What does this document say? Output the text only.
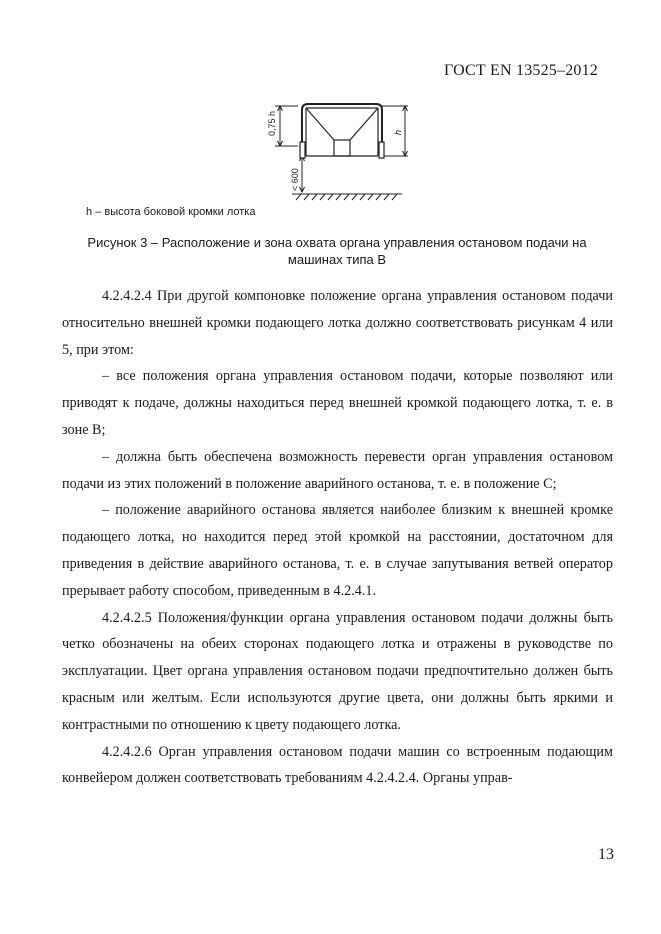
ГОСТ EN 13525–2012
0,75 h
< 600
h
h – высота боковой кромки лотка
Рисунок 3 – Расположение и зона охвата органа управления остановом подачи на машинах типа B

4.2.4.2.4 При другой компоновке положение органа управления остановом подачи относительно внешней кромки подающего лотка должно соответствовать рисункам 4 или 5, при этом:

– все положения органа управления остановом подачи, которые позволяют или приводят к подаче, должны находиться перед внешней кромкой подающего лотка, т. е. в зоне B;

– должна быть обеспечена возможность перевести орган управления остановом подачи из этих положений в положение аварийного останова, т. е. в положение C;

– положение аварийного останова является наиболее близким к внешней кромке подающего лотка, но находится перед этой кромкой на расстоянии, достаточном для приведения в действие аварийного останова, т. е. в случае запутывания ветвей оператор прерывает работу способом, приведенным в 4.2.4.1.

4.2.4.2.5 Положения/функции органа управления остановом подачи должны быть четко обозначены на обеих сторонах подающего лотка и отражены в руководстве по эксплуатации. Цвет органа управления остановом подачи предпочтительно должен быть красным или желтым. Если используются другие цвета, они должны быть яркими и контрастными по отношению к цвету подающего лотка.

4.2.4.2.6 Орган управления остановом подачи машин со встроенным подающим конвейером должен соответствовать требованиям 4.2.4.2.4. Органы управ-

13
